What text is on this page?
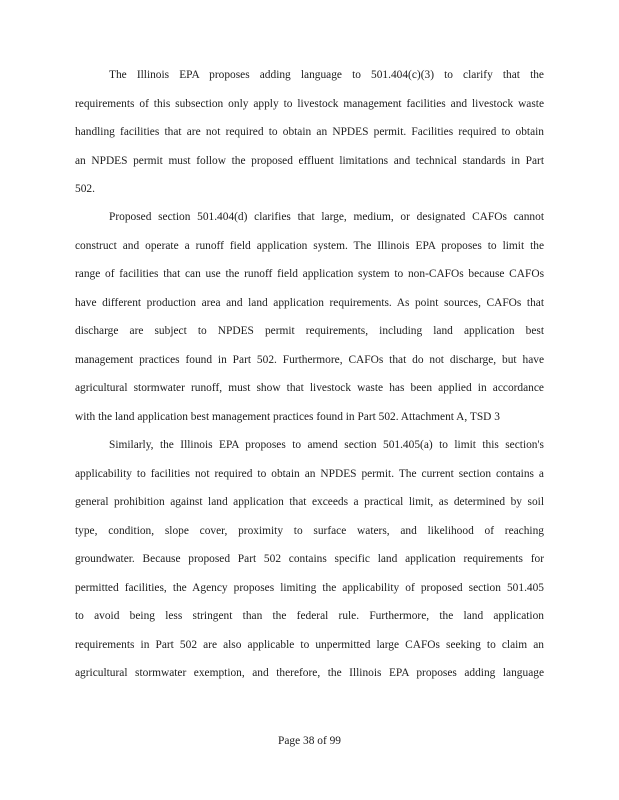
The Illinois EPA proposes adding language to 501.404(c)(3) to clarify that the
requirements of this subsection only apply to livestock management facilities and livestock waste
handling facilities that are not required to obtain an NPDES permit. Facilities required to obtain
an NPDES permit must follow the proposed effluent limitations and technical standards in Part
502.
Proposed section 501.404(d) clarifies that large, medium, or designated CAFOs cannot
construct and operate a runoff field application system. The Illinois EPA proposes to limit the
range of facilities that can use the runoff field application system to non-CAFOs because CAFOs
have different production area and land application requirements. As point sources, CAFOs that
discharge are subject to NPDES permit requirements, including land application best
management practices found in Part 502. Furthermore, CAFOs that do not discharge, but have
agricultural stormwater runoff, must show that livestock waste has been applied in accordance
with the land application best management practices found in Part 502. Attachment A, TSD 3
Similarly, the Illinois EPA proposes to amend section 501.405(a) to limit this section's
applicability to facilities not required to obtain an NPDES permit. The current section contains a
general prohibition against land application that exceeds a practical limit, as determined by soil
type, condition, slope cover, proximity to surface waters, and likelihood of reaching
groundwater. Because proposed Part 502 contains specific land application requirements for
permitted facilities, the Agency proposes limiting the applicability of proposed section 501.405
to avoid being less stringent than the federal rule. Furthermore, the land application
requirements in Part 502 are also applicable to unpermitted large CAFOs seeking to claim an
agricultural stormwater exemption, and therefore, the Illinois EPA proposes adding language
Page 38 of 99
